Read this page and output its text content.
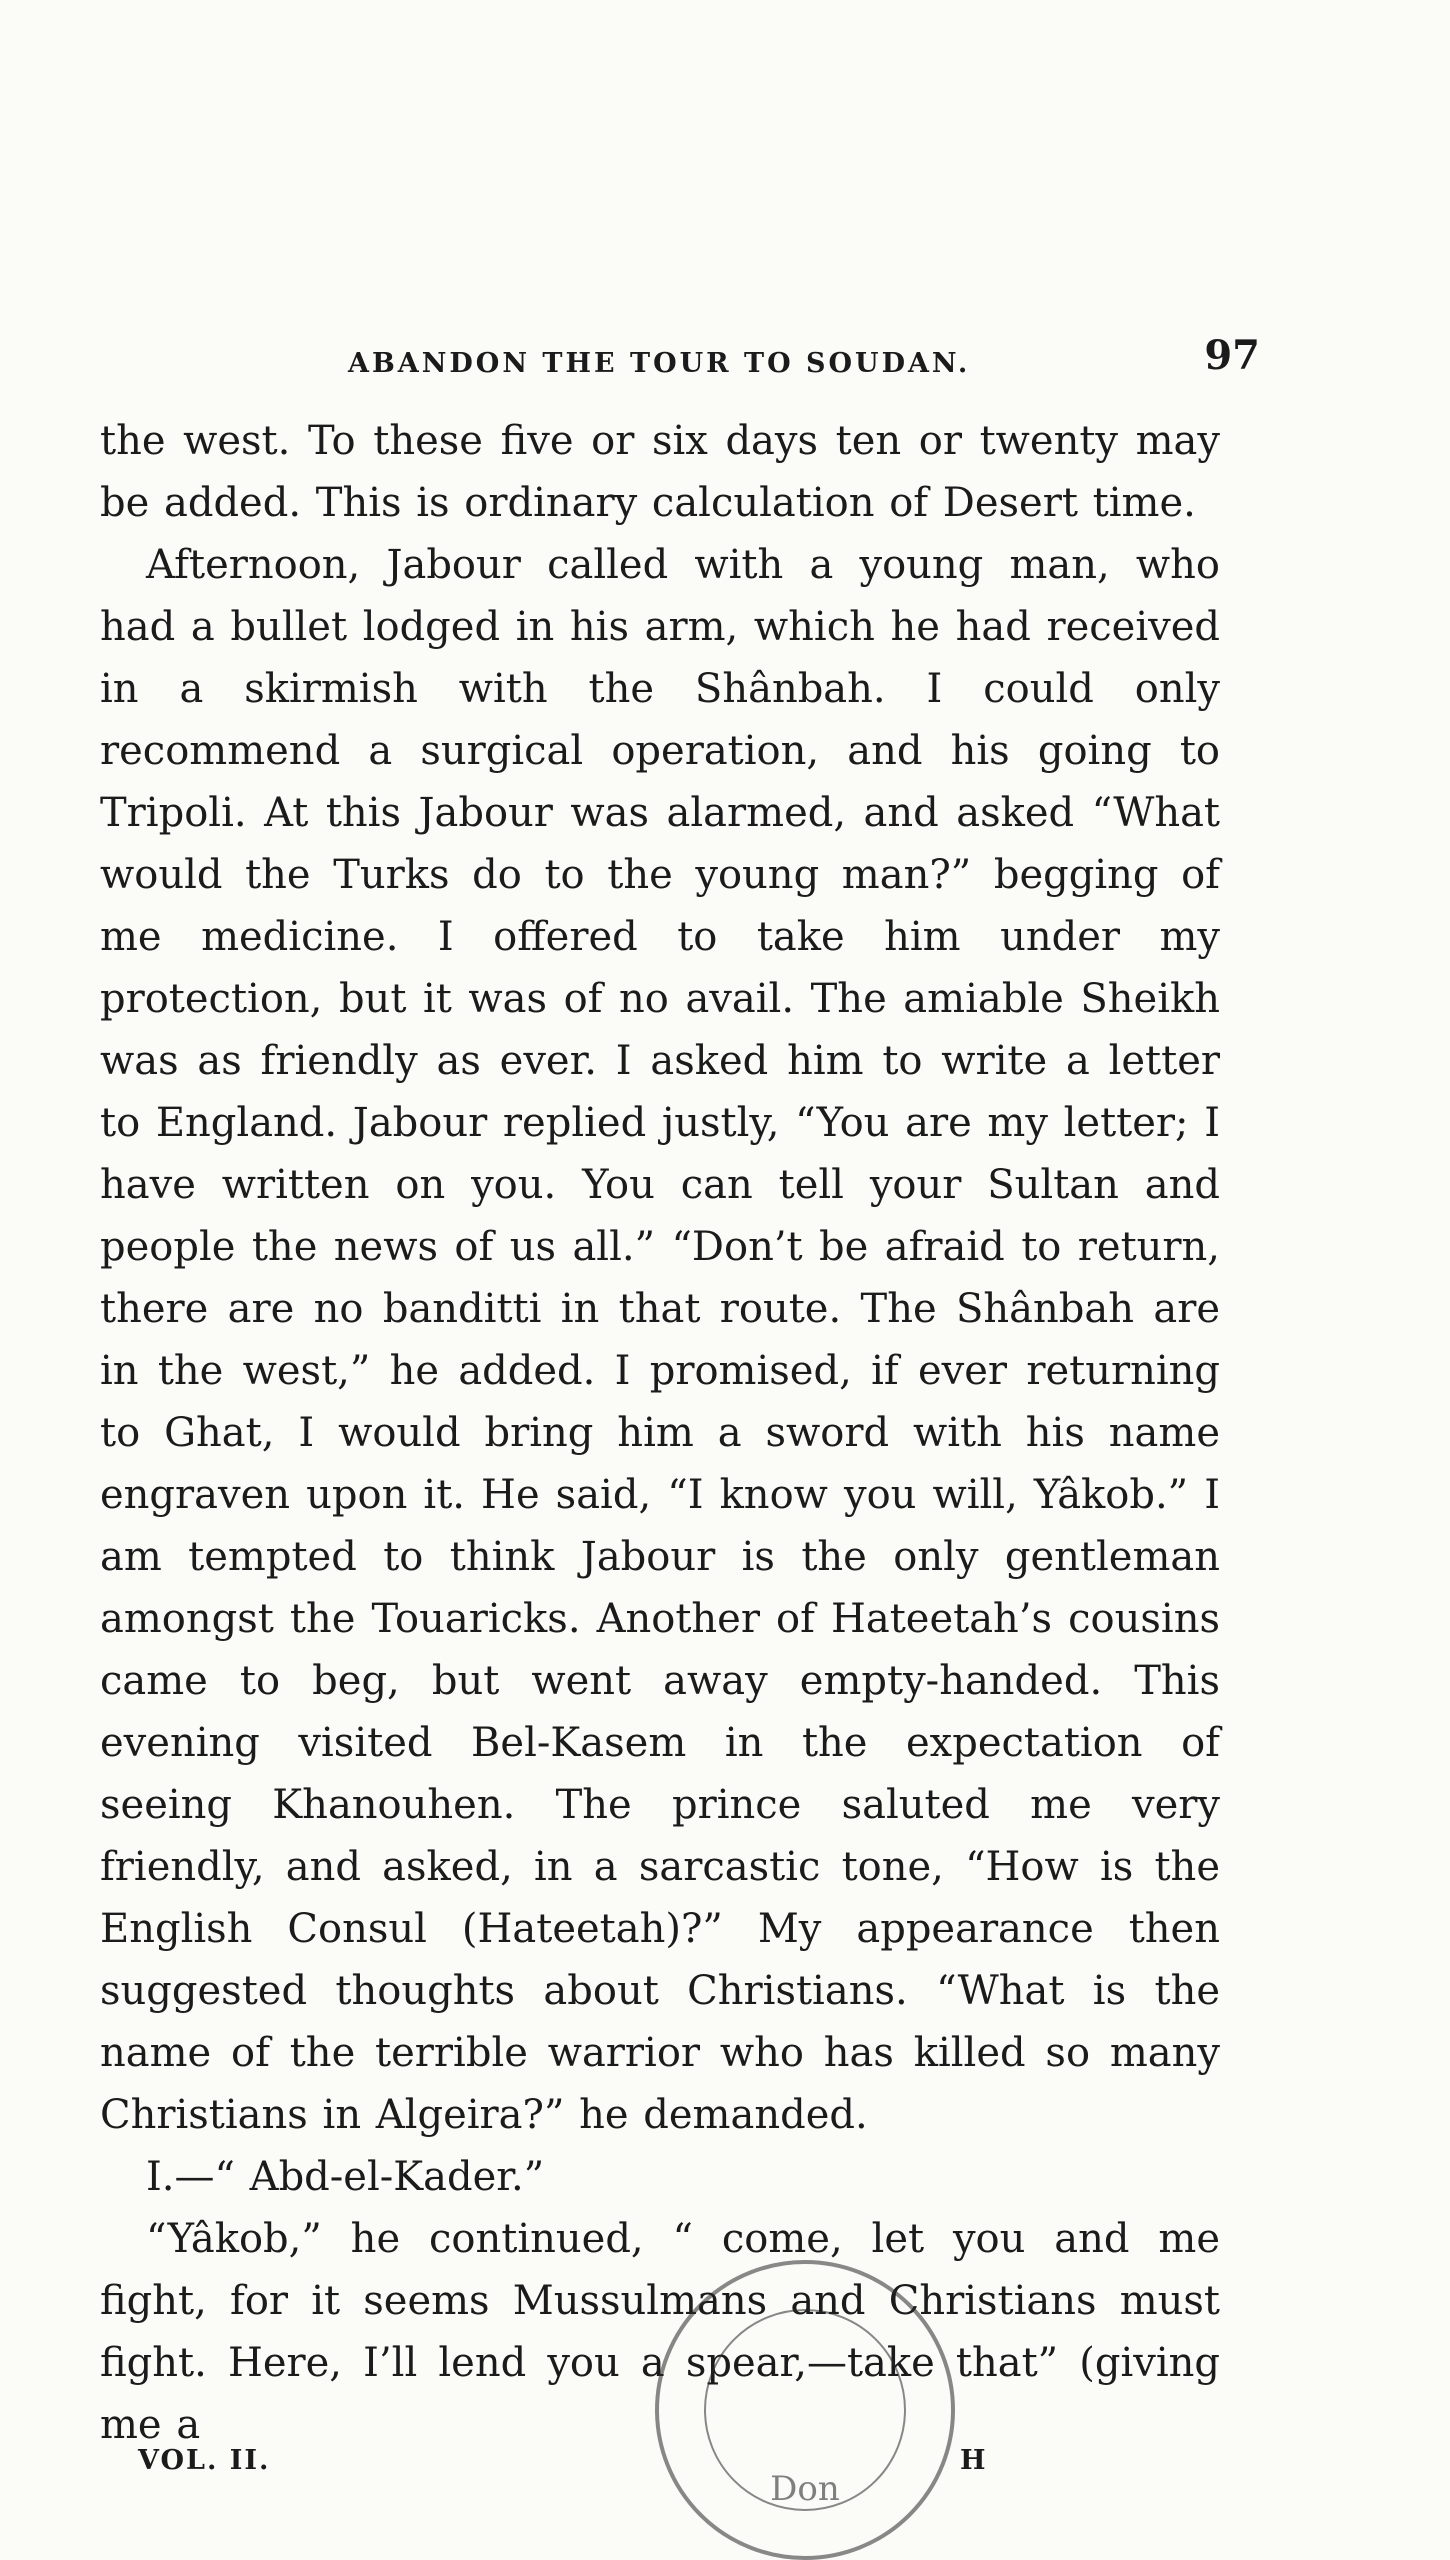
ABANDON THE TOUR TO SOUDAN.	97

the west. To these five or six days ten or twenty may be added. This is ordinary calculation of Desert time.

Afternoon, Jabour called with a young man, who had a bullet lodged in his arm, which he had received in a skirmish with the Shânbah. I could only recommend a surgical operation, and his going to Tripoli. At this Jabour was alarmed, and asked “What would the Turks do to the young man?” begging of me medicine. I offered to take him under my protection, but it was of no avail. The amiable Sheikh was as friendly as ever. I asked him to write a letter to England. Jabour replied justly, “You are my letter; I have written on you. You can tell your Sultan and people the news of us all.” “Don’t be afraid to return, there are no banditti in that route. The Shânbah are in the west,” he added. I promised, if ever returning to Ghat, I would bring him a sword with his name engraven upon it. He said, “I know you will, Yâkob.” I am tempted to think Jabour is the only gentleman amongst the Touaricks. Another of Hateetah’s cousins came to beg, but went away empty-handed. This evening visited Bel-Kasem in the expectation of seeing Khanouhen. The prince saluted me very friendly, and asked, in a sarcastic tone, “How is the English Consul (Hateetah)?” My appearance then suggested thoughts about Christians. “What is the name of the terrible warrior who has killed so many Christians in Algeira?” he demanded.

I.—“ Abd-el-Kader.”

“Yâkob,” he continued, “ come, let you and me fight, for it seems Mussulmans and Christians must fight. Here, I’ll lend you a spear,—take that” (giving me a

Don
VOL. II.	H
